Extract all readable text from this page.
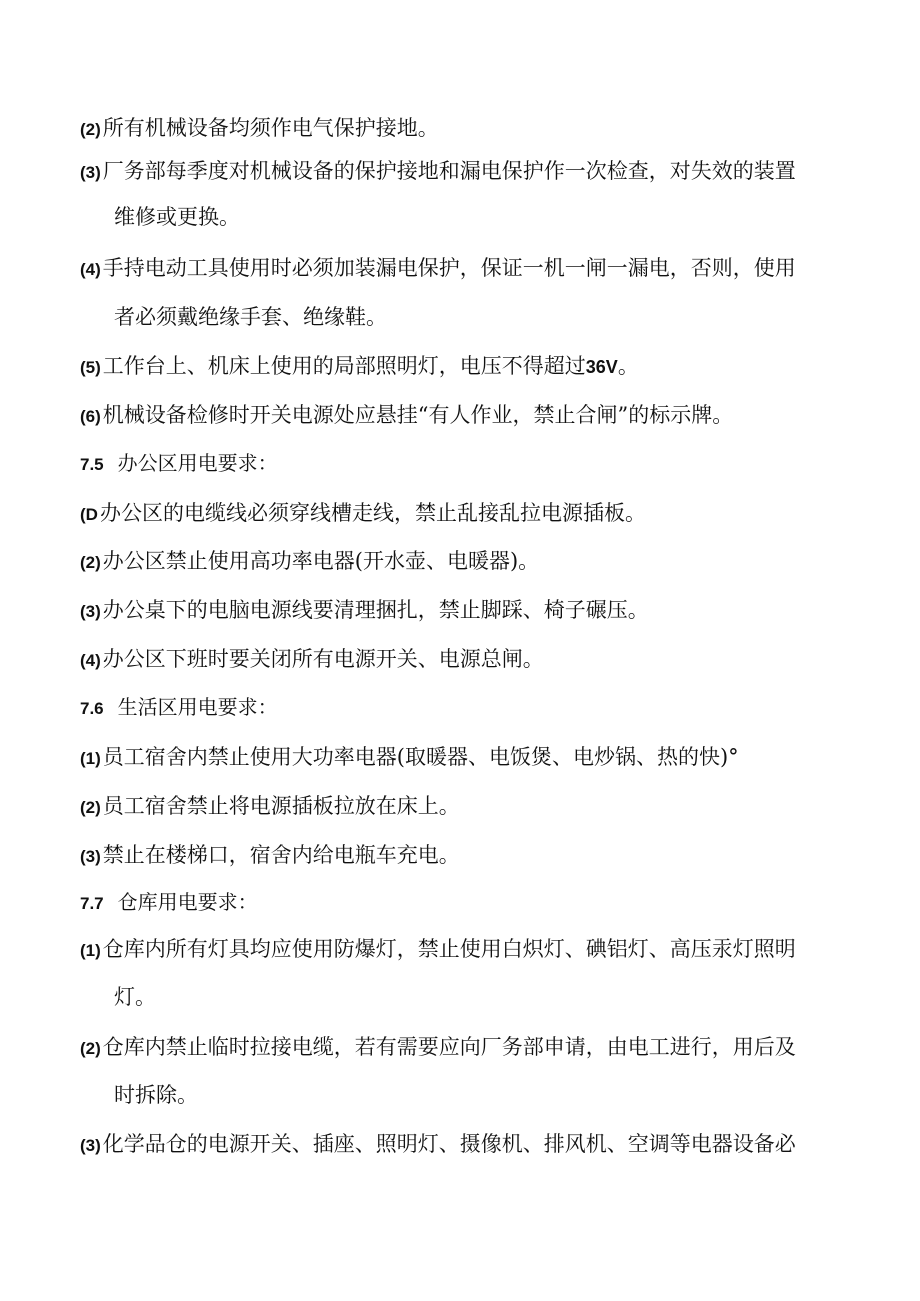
(2)所有机械设备均须作电气保护接地。
(3)厂务部每季度对机械设备的保护接地和漏电保护作一次检查，对失效的装置
维修或更换。
(4)手持电动工具使用时必须加装漏电保护，保证一机一闸一漏电，否则，使用
者必须戴绝缘手套、绝缘鞋。
(5)工作台上、机床上使用的局部照明灯，电压不得超过36V。
(6)机械设备检修时开关电源处应悬挂“有人作业，禁止合闸”的标示牌。
7.5 办公区用电要求：
(D办公区的电缆线必须穿线槽走线，禁止乱接乱拉电源插板。
(2)办公区禁止使用高功率电器(开水壶、电暖器)。
(3)办公桌下的电脑电源线要清理捆扎，禁止脚踩、椅子碾压。
(4)办公区下班时要关闭所有电源开关、电源总闸。
7.6 生活区用电要求：
(1)员工宿舍内禁止使用大功率电器(取暖器、电饭煲、电炒锅、热的快)°
(2)员工宿舍禁止将电源插板拉放在床上。
(3)禁止在楼梯口，宿舍内给电瓶车充电。
7.7 仓库用电要求：
(1)仓库内所有灯具均应使用防爆灯，禁止使用白炽灯、碘铝灯、高压汞灯照明
灯。
(2)仓库内禁止临时拉接电缆，若有需要应向厂务部申请，由电工进行，用后及
时拆除。
(3)化学品仓的电源开关、插座、照明灯、摄像机、排风机、空调等电器设备必
